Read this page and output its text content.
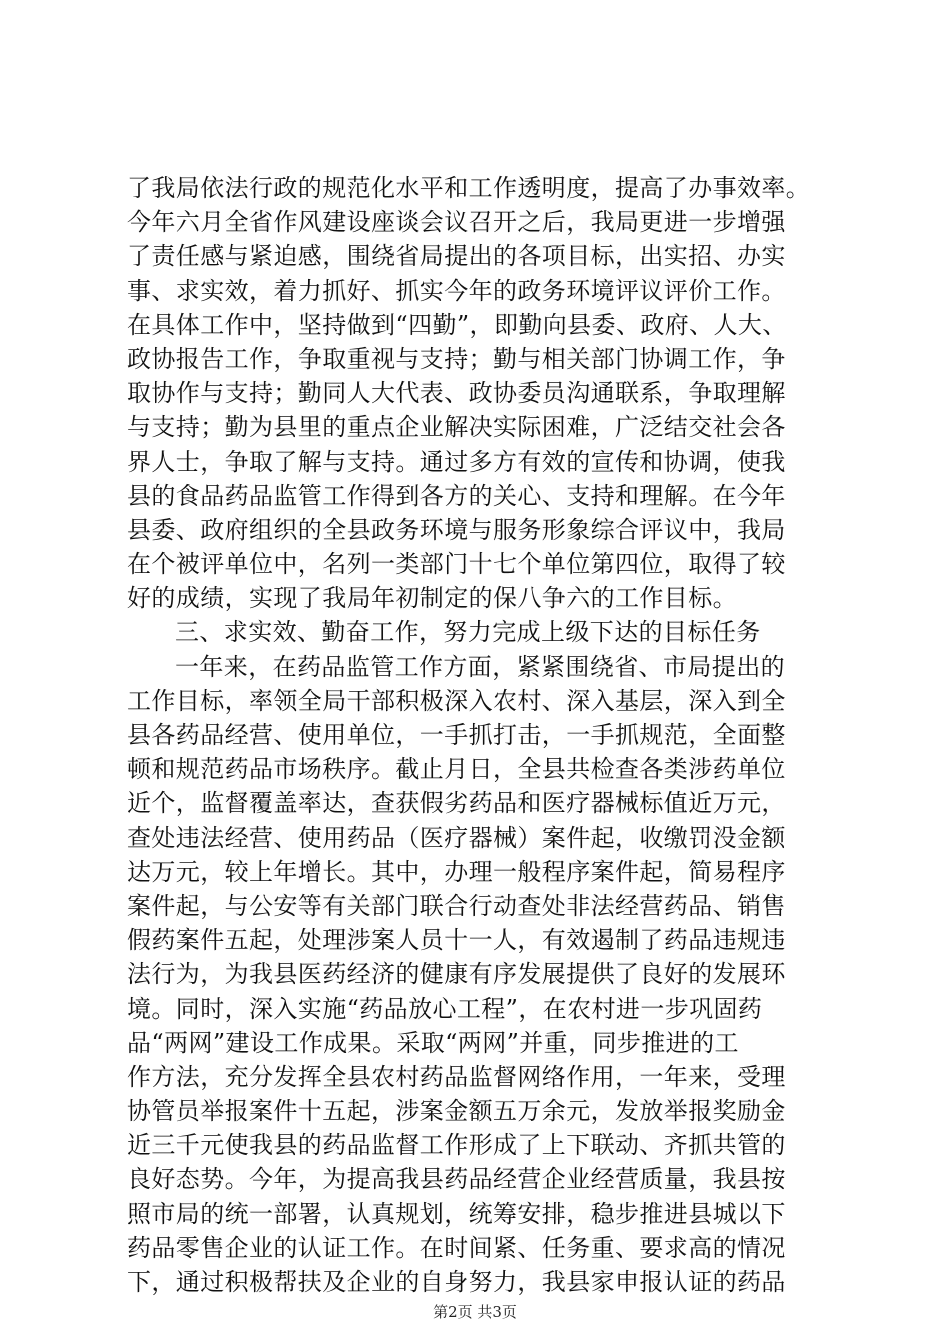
了我局依法行政的规范化水平和工作透明度，提高了办事效率。
今年六月全省作风建设座谈会议召开之后，我局更进一步增强
了责任感与紧迫感，围绕省局提出的各项目标，出实招、办实
事、求实效，着力抓好、抓实今年的政务环境评议评价工作。
在具体工作中，坚持做到“四勤”，即勤向县委、政府、人大、
政协报告工作，争取重视与支持；勤与相关部门协调工作，争
取协作与支持；勤同人大代表、政协委员沟通联系，争取理解
与支持；勤为县里的重点企业解决实际困难，广泛结交社会各
界人士，争取了解与支持。通过多方有效的宣传和协调，使我
县的食品药品监管工作得到各方的关心、支持和理解。在今年
县委、政府组织的全县政务环境与服务形象综合评议中，我局
在个被评单位中，名列一类部门十七个单位第四位，取得了较
好的成绩，实现了我局年初制定的保八争六的工作目标。
三、求实效、勤奋工作，努力完成上级下达的目标任务
一年来，在药品监管工作方面，紧紧围绕省、市局提出的
工作目标，率领全局干部积极深入农村、深入基层，深入到全
县各药品经营、使用单位，一手抓打击，一手抓规范，全面整
顿和规范药品市场秩序。截止月日，全县共检查各类涉药单位
近个，监督覆盖率达，查获假劣药品和医疗器械标值近万元，
查处违法经营、使用药品（医疗器械）案件起，收缴罚没金额
达万元，较上年增长。其中，办理一般程序案件起，简易程序
案件起，与公安等有关部门联合行动查处非法经营药品、销售
假药案件五起，处理涉案人员十一人，有效遏制了药品违规违
法行为，为我县医药经济的健康有序发展提供了良好的发展环
境。同时，深入实施“药品放心工程”，在农村进一步巩固药
品“两网”建设工作成果。采取“两网”并重，同步推进的工
作方法，充分发挥全县农村药品监督网络作用，一年来，受理
协管员举报案件十五起，涉案金额五万余元，发放举报奖励金
近三千元使我县的药品监督工作形成了上下联动、齐抓共管的
良好态势。今年，为提高我县药品经营企业经营质量，我县按
照市局的统一部署，认真规划，统筹安排，稳步推进县城以下
药品零售企业的认证工作。在时间紧、任务重、要求高的情况
下，通过积极帮扶及企业的自身努力，我县家申报认证的药品
第2页 共3页
